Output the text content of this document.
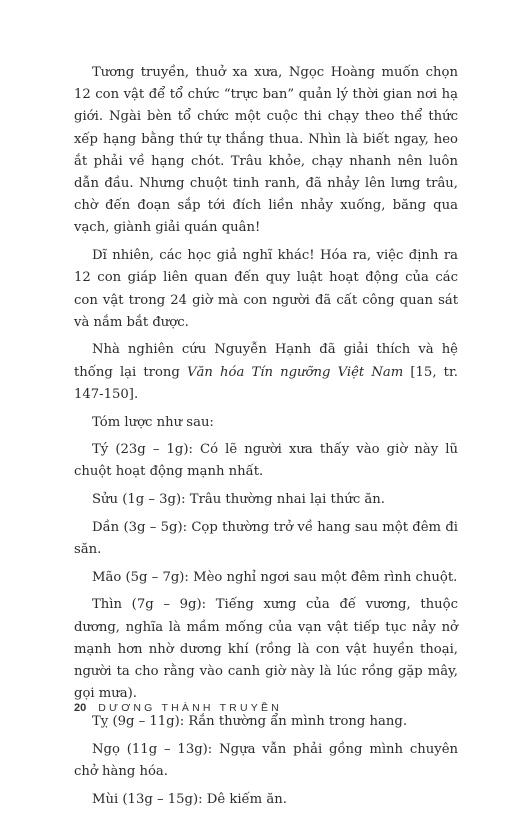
Tương truyền, thuở xa xưa, Ngọc Hoàng muốn chọn 12 con vật để tổ chức “trực ban” quản lý thời gian nơi hạ giới. Ngài bèn tổ chức một cuộc thi chạy theo thể thức xếp hạng bằng thứ tự thắng thua. Nhìn là biết ngay, heo ắt phải về hạng chót. Trâu khỏe, chạy nhanh nên luôn dẫn đầu. Nhưng chuột tinh ranh, đã nhảy lên lưng trâu, chờ đến đoạn sắp tới đích liền nhảy xuống, băng qua vạch, giành giải quán quân!

Dĩ nhiên, các học giả nghĩ khác! Hóa ra, việc định ra 12 con giáp liên quan đến quy luật hoạt động của các con vật trong 24 giờ mà con người đã cất công quan sát và nắm bắt được.

Nhà nghiên cứu Nguyễn Hạnh đã giải thích và hệ thống lại trong Văn hóa Tín ngưỡng Việt Nam [15, tr. 147-150].

Tóm lược như sau:

Tý (23g – 1g): Có lẽ người xưa thấy vào giờ này lũ chuột hoạt động mạnh nhất.

Sửu (1g – 3g): Trâu thường nhai lại thức ăn.

Dần (3g – 5g): Cọp thường trở về hang sau một đêm đi săn.

Mão (5g – 7g): Mèo nghỉ ngơi sau một đêm rình chuột.

Thìn (7g – 9g): Tiếng xưng của đế vương, thuộc dương, nghĩa là mầm mống của vạn vật tiếp tục nảy nở mạnh hơn nhờ dương khí (rồng là con vật huyền thoại, người ta cho rằng vào canh giờ này là lúc rồng gặp mây, gọi mưa).

Tỵ (9g – 11g): Rắn thường ẩn mình trong hang.

Ngọ (11g – 13g): Ngựa vẫn phải gồng mình chuyên chở hàng hóa.

Mùi (13g – 15g): Dê kiếm ăn.

20 DƯƠNG THÀNH TRUYỀN
